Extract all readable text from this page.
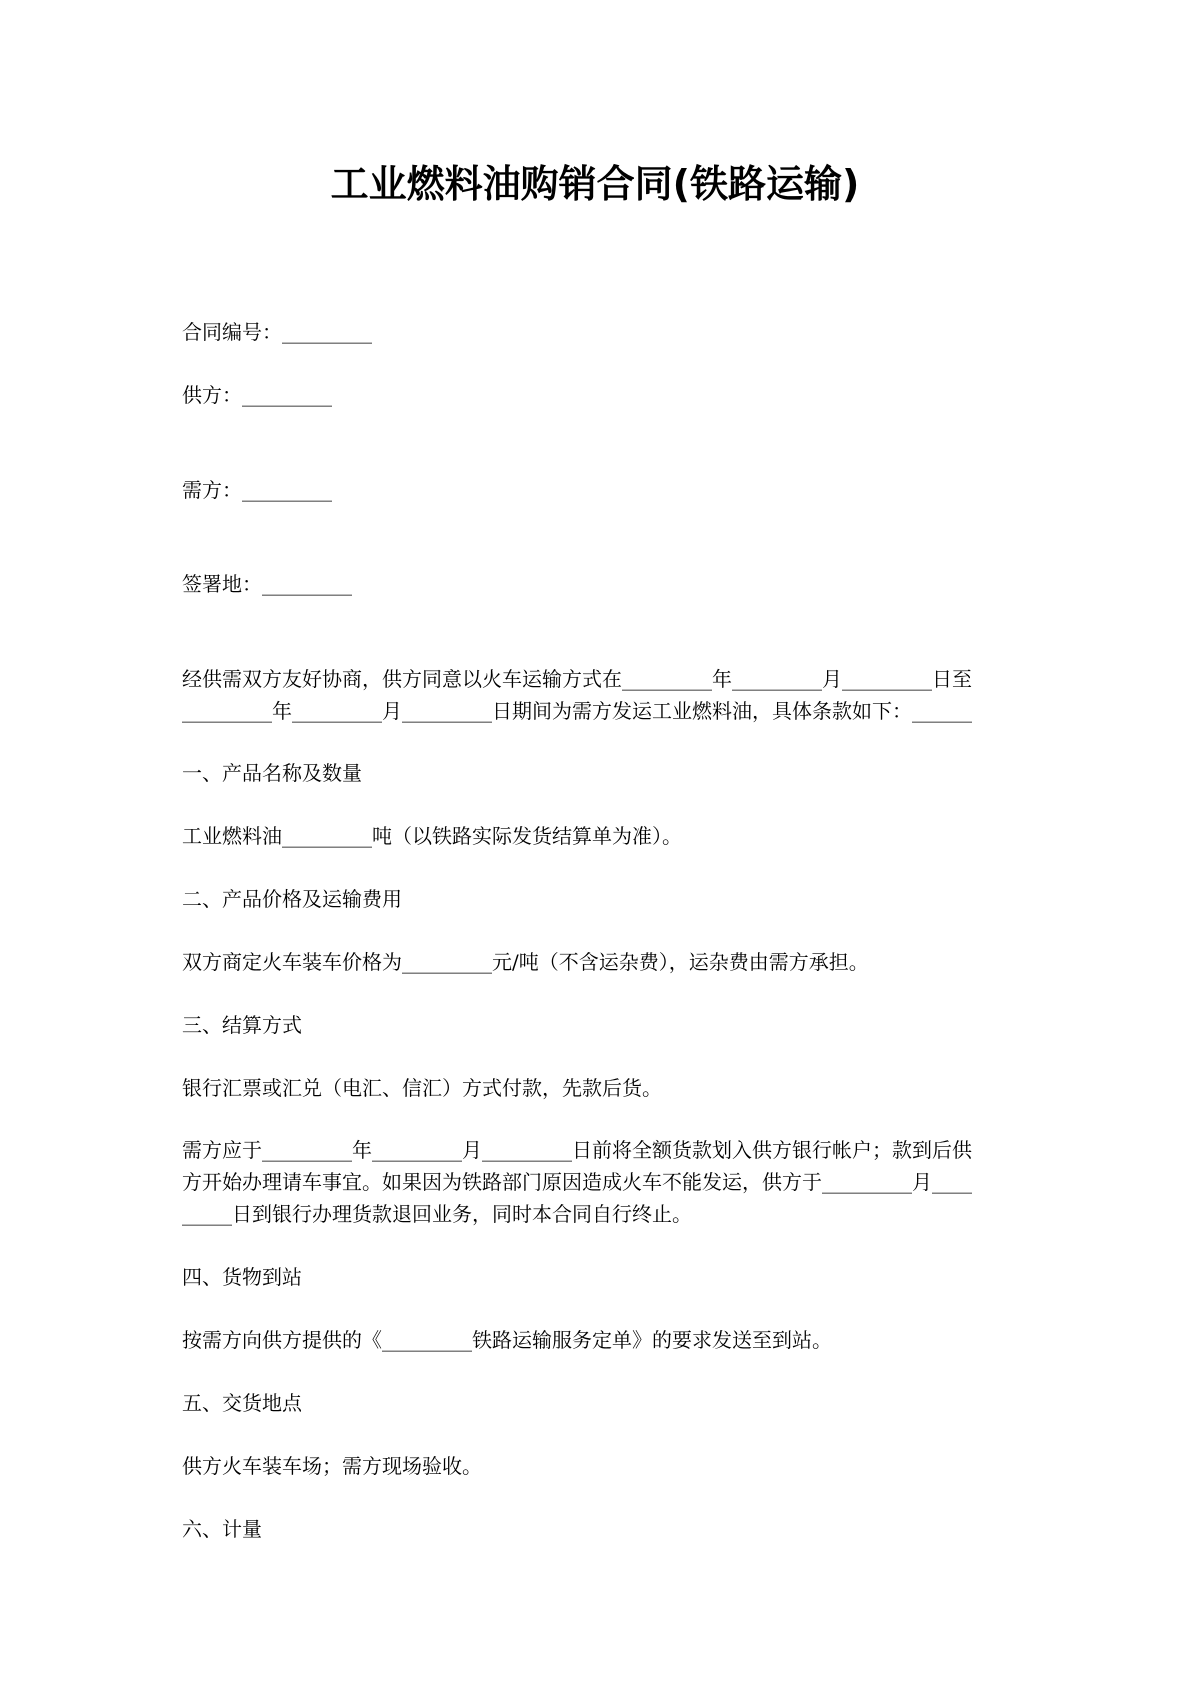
工业燃料油购销合同(铁路运输)
合同编号：_________
供方：_________
需方：_________
签署地：_________
经供需双方友好协商，供方同意以火车运输方式在_________年_________月_________日至
_________年_________月_________日期间为需方发运工业燃料油，具体条款如下：______
一、产品名称及数量
工业燃料油_________吨（以铁路实际发货结算单为准）。
二、产品价格及运输费用
双方商定火车装车价格为_________元/吨（不含运杂费），运杂费由需方承担。
三、结算方式
银行汇票或汇兑（电汇、信汇）方式付款，先款后货。
需方应于_________年_________月_________日前将全额货款划入供方银行帐户；款到后供
方开始办理请车事宜。如果因为铁路部门原因造成火车不能发运，供方于_________月____
_____日到银行办理货款退回业务，同时本合同自行终止。
四、货物到站
按需方向供方提供的《_________铁路运输服务定单》的要求发送至到站。
五、交货地点
供方火车装车场；需方现场验收。
六、计量
